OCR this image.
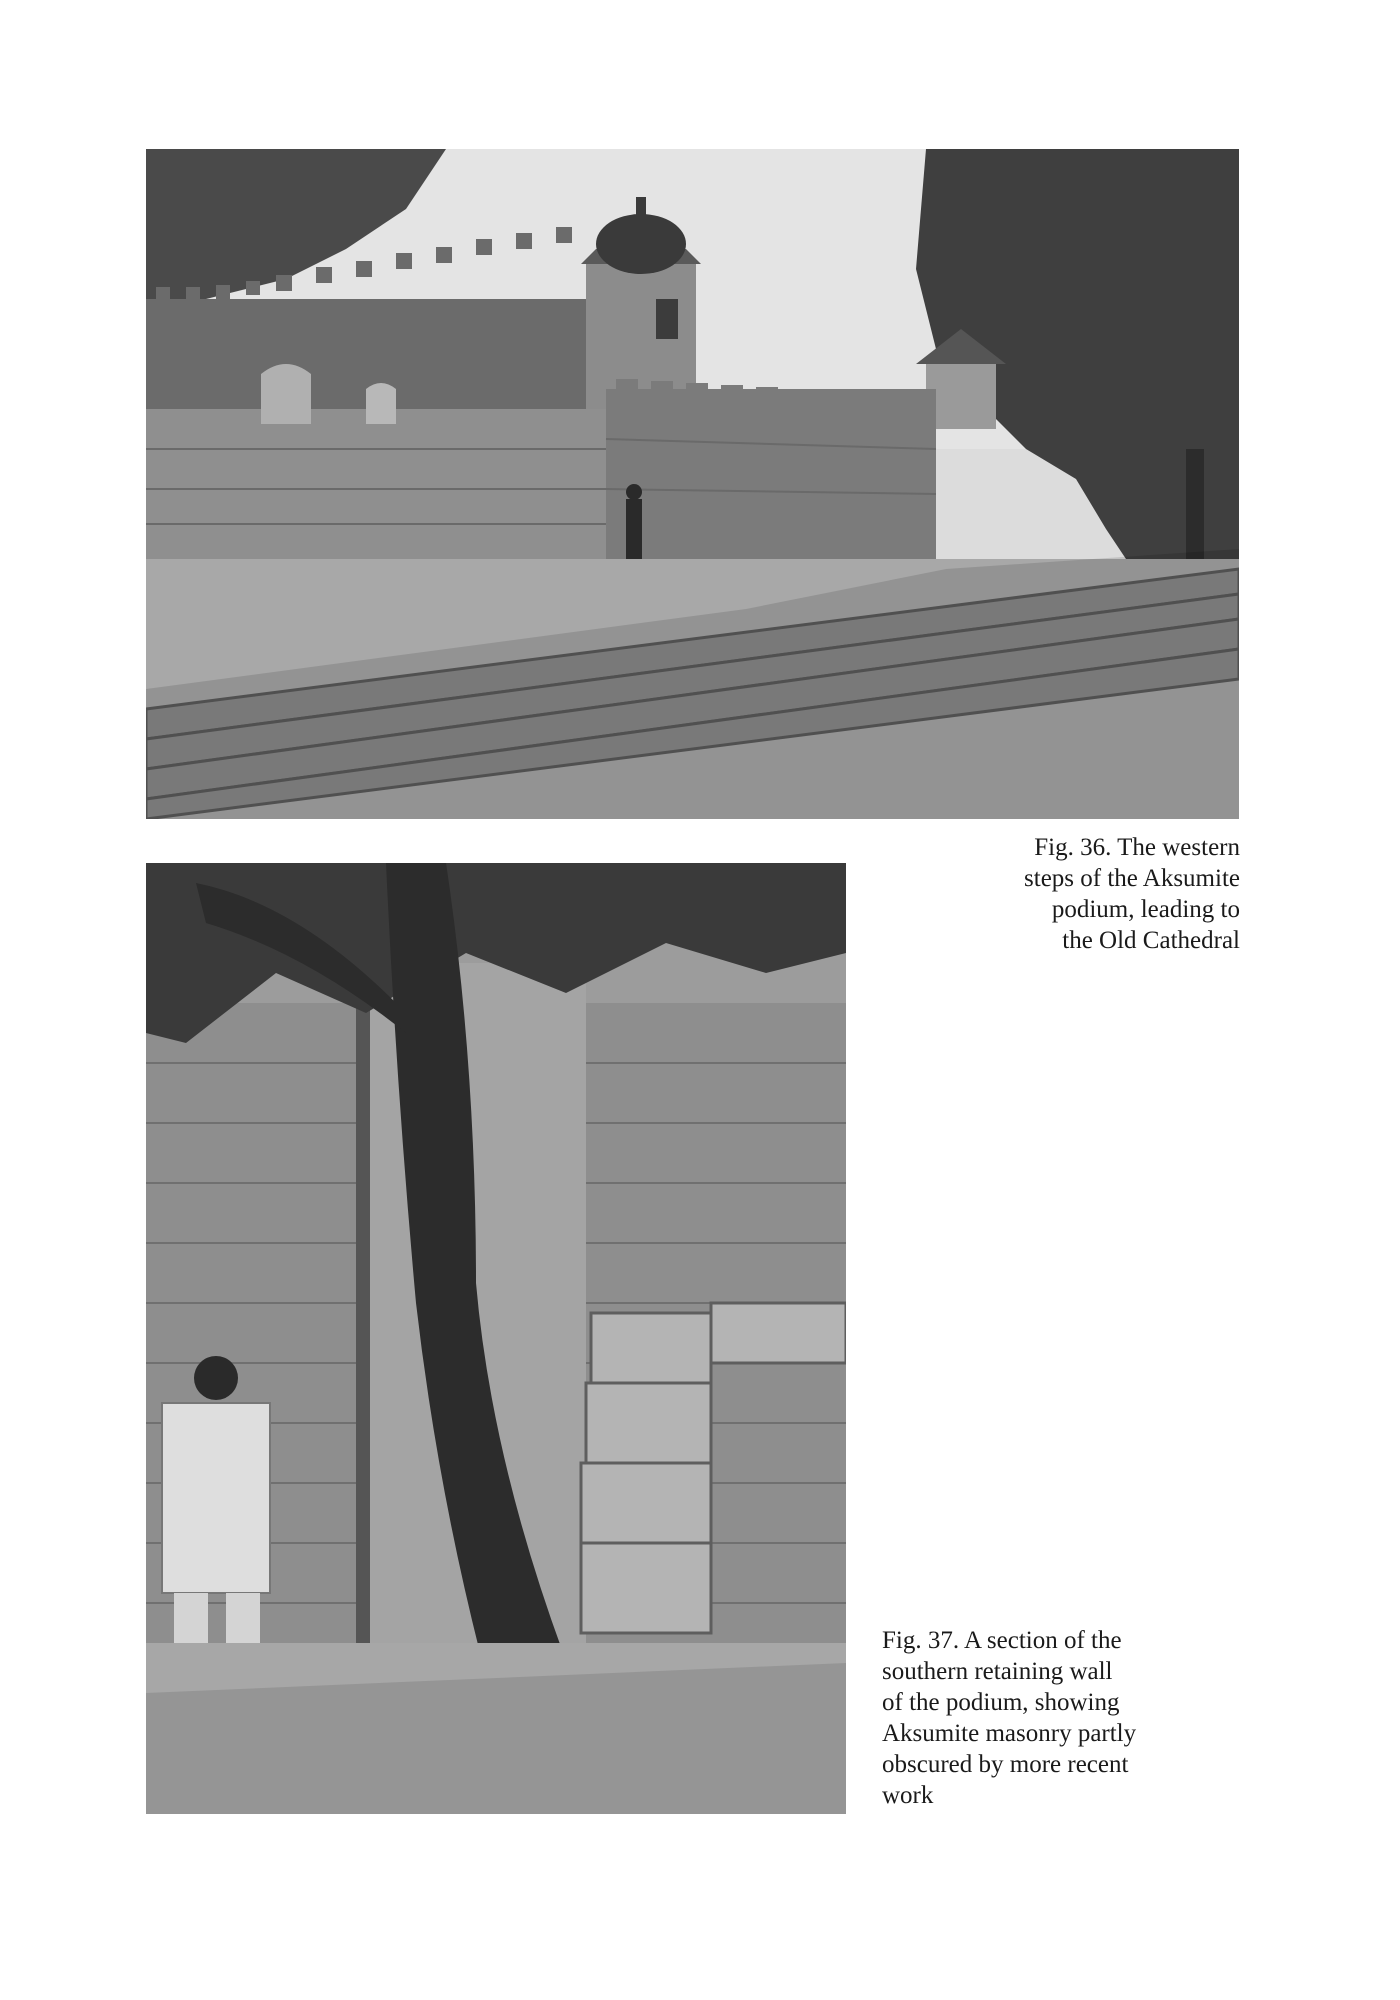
Fig. 36. The western
steps of the Aksumite
podium, leading to
the Old Cathedral
Fig. 37. A section of the
southern retaining wall
of the podium, showing
Aksumite masonry partly
obscured by more recent
work
